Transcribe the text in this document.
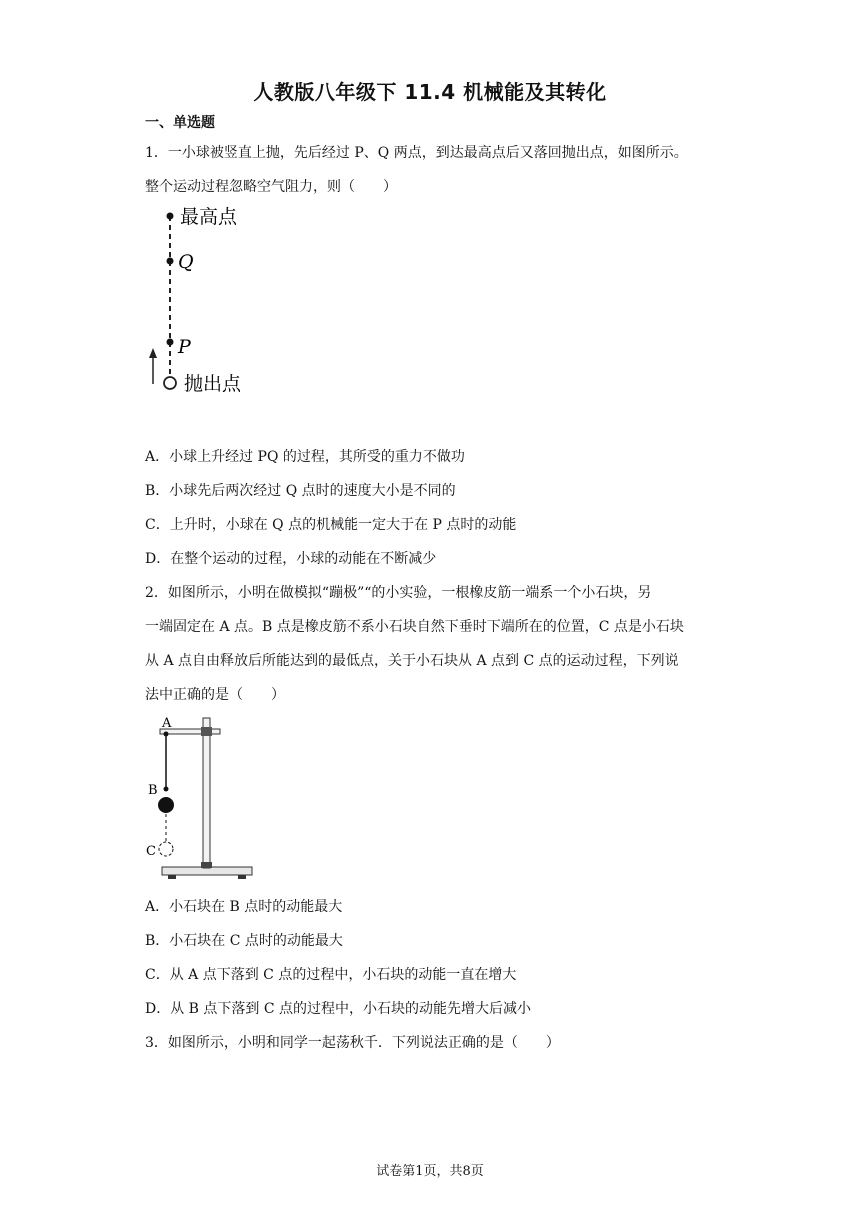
人教版八年级下 11.4 机械能及其转化
一、单选题
1．一小球被竖直上抛，先后经过 P、Q 两点，到达最高点后又落回抛出点，如图所示。
整个运动过程忽略空气阻力，则（　　）
最高点
Q
P
抛出点
A．小球上升经过 PQ 的过程，其所受的重力不做功
B．小球先后两次经过 Q 点时的速度大小是不同的
C．上升时，小球在 Q 点的机械能一定大于在 P 点时的动能
D．在整个运动的过程，小球的动能在不断减少
2．如图所示，小明在做模拟“蹦极”“的小实验，一根橡皮筋一端系一个小石块，另
一端固定在 A 点。B 点是橡皮筋不系小石块自然下垂时下端所在的位置，C 点是小石块
从 A 点自由释放后所能达到的最低点，关于小石块从 A 点到 C 点的运动过程，下列说
法中正确的是（　　）
A
B
C
A．小石块在 B 点时的动能最大
B．小石块在 C 点时的动能最大
C．从 A 点下落到 C 点的过程中，小石块的动能一直在增大
D．从 B 点下落到 C 点的过程中，小石块的动能先增大后减小
3．如图所示，小明和同学一起荡秋千．下列说法正确的是（　　）
试卷第1页，共8页
